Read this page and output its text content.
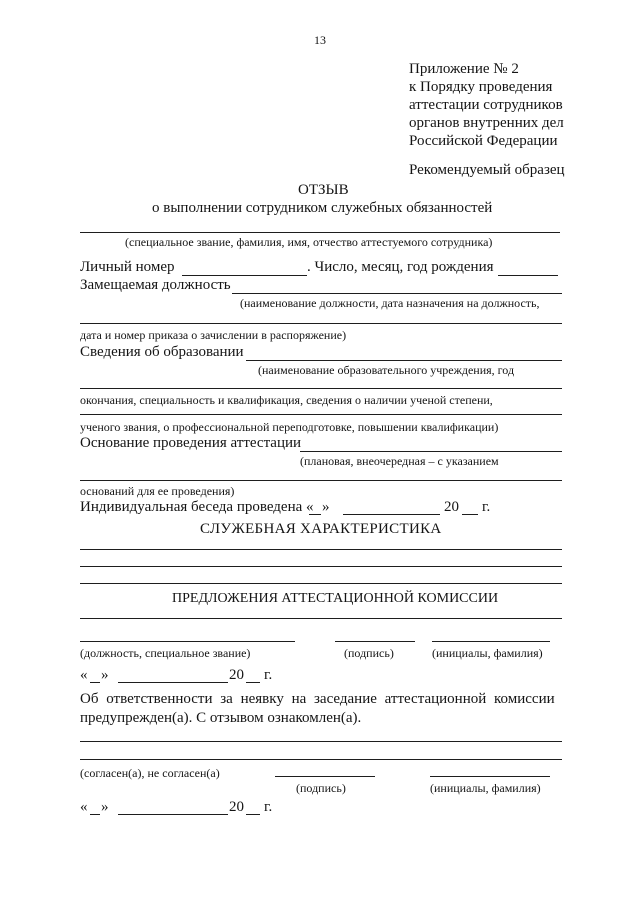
13
Приложение № 2
к Порядку проведения
аттестации сотрудников
органов внутренних дел
Российской Федерации
Рекомендуемый образец
ОТЗЫВ
о выполнении сотрудником служебных обязанностей
(специальное звание, фамилия, имя, отчество аттестуемого сотрудника)
Личный номер	. Число, месяц, год рождения
Замещаемая должность
(наименование должности, дата назначения на должность,
дата и номер приказа о зачислении в распоряжение)
Сведения об образовании
(наименование образовательного учреждения, год
окончания, специальность и квалификация, сведения о наличии ученой степени,
ученого звания, о профессиональной переподготовке, повышении квалификации)
Основание проведения аттестации
(плановая, внеочередная – с указанием
оснований для ее проведения)
Индивидуальная беседа проведена « »	20 г.
СЛУЖЕБНАЯ ХАРАКТЕРИСТИКА
ПРЕДЛОЖЕНИЯ АТТЕСТАЦИОННОЙ КОМИССИИ
(должность, специальное звание)	(подпись)	(инициалы, фамилия)
« »	20 г.
Об ответственности за неявку на заседание аттестационной комиссии
предупрежден(а). С отзывом ознакомлен(а).
(согласен(а), не согласен(а)
(подпись)	(инициалы, фамилия)
« »	20 г.
